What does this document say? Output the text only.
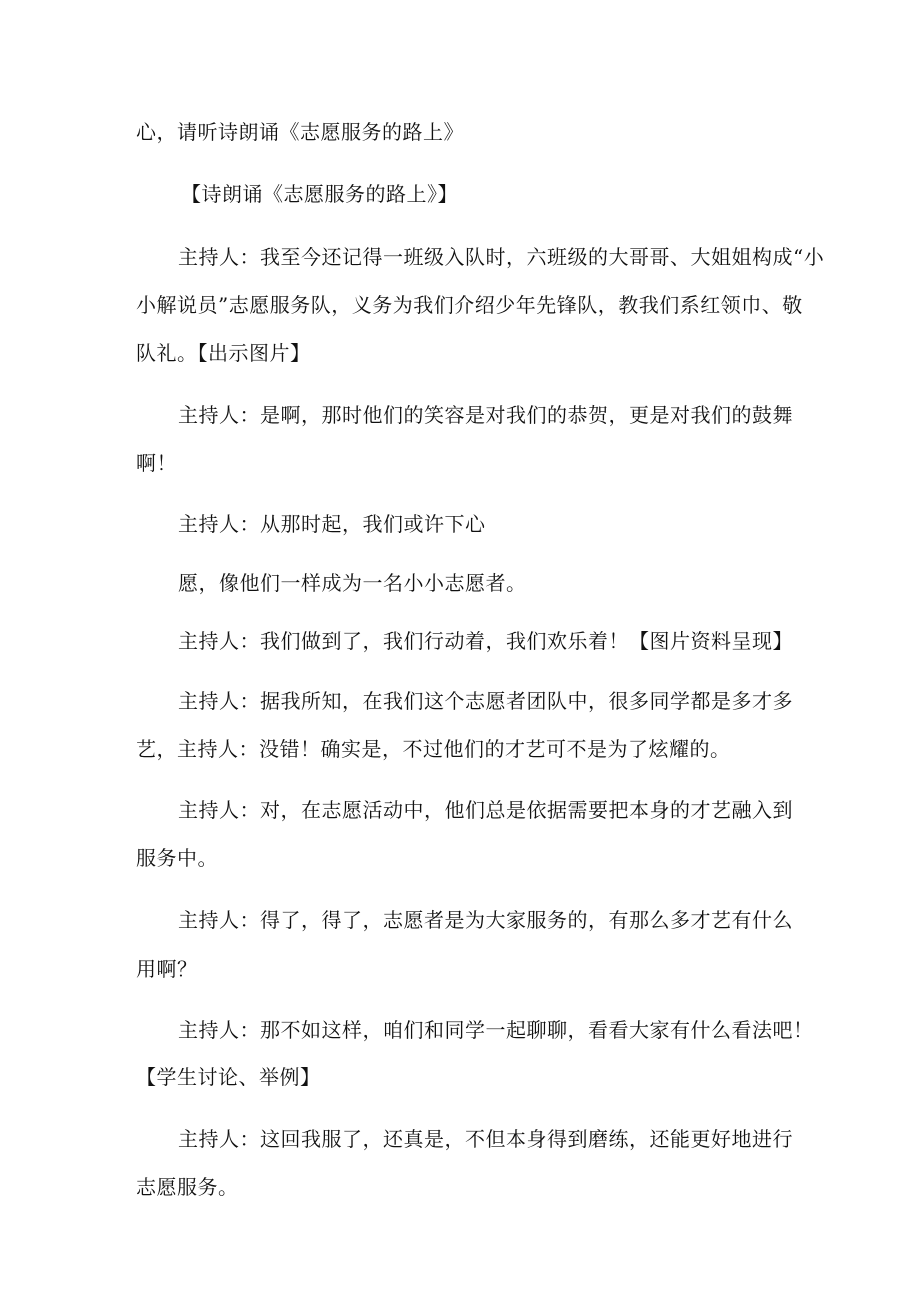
心，请听诗朗诵《志愿服务的路上》
【诗朗诵《志愿服务的路上》】
主持人：我至今还记得一班级入队时，六班级的大哥哥、大姐姐构成“小
小解说员”志愿服务队，义务为我们介绍少年先锋队，教我们系红领巾、敬
队礼。【出示图片】
主持人：是啊，那时他们的笑容是对我们的恭贺，更是对我们的鼓舞
啊！
主持人：从那时起，我们或许下心
愿，像他们一样成为一名小小志愿者。
主持人：我们做到了，我们行动着，我们欢乐着！【图片资料呈现】
主持人：据我所知，在我们这个志愿者团队中，很多同学都是多才多
艺，主持人：没错！确实是，不过他们的才艺可不是为了炫耀的。
主持人：对，在志愿活动中，他们总是依据需要把本身的才艺融入到
服务中。
主持人：得了，得了，志愿者是为大家服务的，有那么多才艺有什么
用啊？
主持人：那不如这样，咱们和同学一起聊聊，看看大家有什么看法吧！
【学生讨论、举例】
主持人：这回我服了，还真是，不但本身得到磨练，还能更好地进行
志愿服务。
